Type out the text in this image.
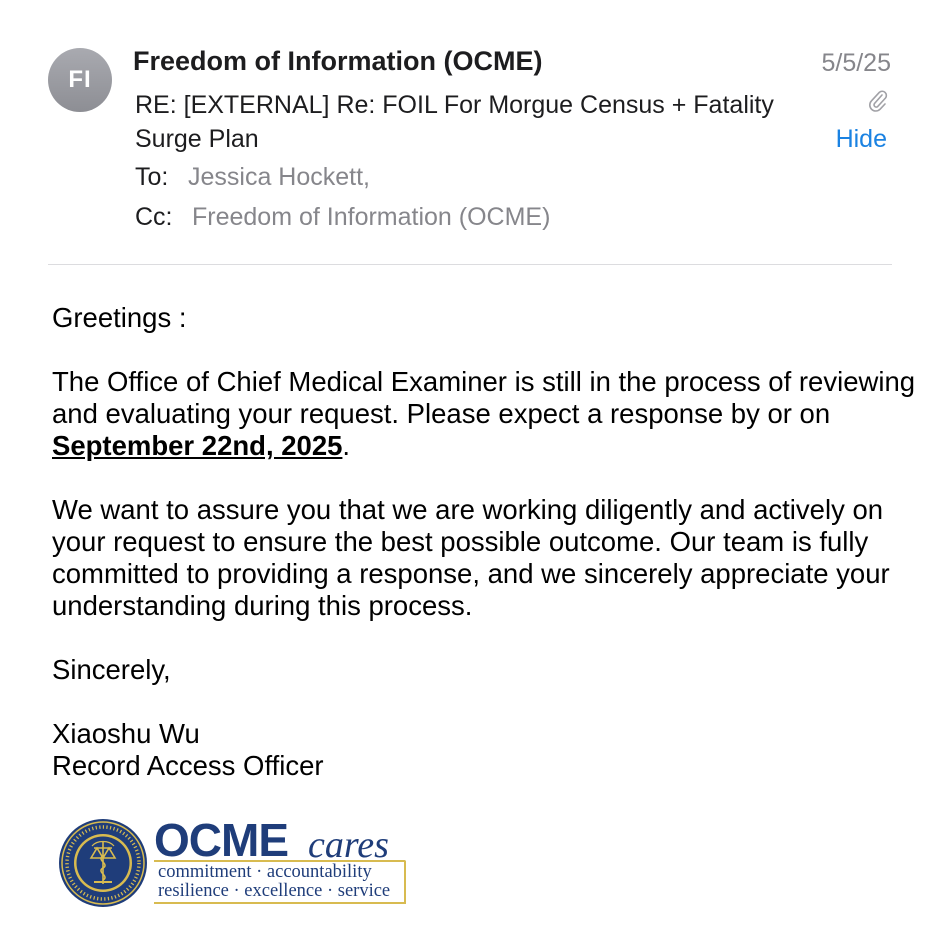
FI
Freedom of Information (OCME)
RE: [EXTERNAL] Re: FOIL For Morgue Census + Fatality Surge Plan
To: Jessica Hockett,
Cc: Freedom of Information (OCME)
5/5/25
Hide

Greetings :

The Office of Chief Medical Examiner is still in the process of reviewing and evaluating your request. Please expect a response by or on September 22nd, 2025.

We want to assure you that we are working diligently and actively on your request to ensure the best possible outcome. Our team is fully committed to providing a response, and we sincerely appreciate your understanding during this process.

Sincerely,

Xiaoshu Wu
Record Access Officer

OCME cares
commitment · accountability
resilience · excellence · service
